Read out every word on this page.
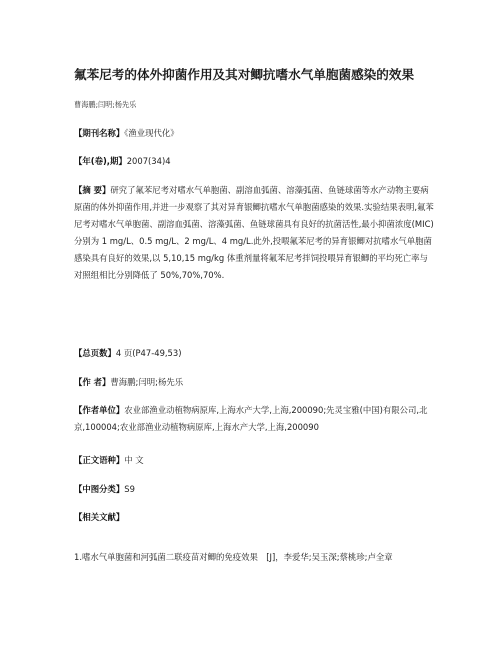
氟苯尼考的体外抑菌作用及其对鲫抗嗜水气单胞菌感染的效果
曹海鹏;闫明;杨先乐
【期刊名称】《渔业现代化》
【年(卷),期】2007(34)4
【摘 要】研究了氟苯尼考对嗜水气单胞菌、副溶血弧菌、溶藻弧菌、鱼链球菌等水产动物主要病原菌的体外抑菌作用,并进一步观察了其对异育银鲫抗嗜水气单胞菌感染的效果.实验结果表明,氟苯尼考对嗜水气单胞菌、副溶血弧菌、溶藻弧菌、鱼链球菌具有良好的抗菌活性,最小抑菌浓度(MIC)分别为 1 mg/L、0.5 mg/L、2 mg/L、4 mg/L.此外,投喂氟苯尼考的异育银鲫对抗嗜水气单胞菌感染具有良好的效果,以 5,10,15 mg/kg 体重剂量将氟苯尼考拌饲投喂异育银鲫的平均死亡率与对照组相比分别降低了 50%,70%,70%.
【总页数】4 页(P47-49,53)
【作 者】曹海鹏;闫明;杨先乐
【作者单位】农业部渔业动植物病原库,上海水产大学,上海,200090;先灵宝雅(中国)有限公司,北京,100004;农业部渔业动植物病原库,上海水产大学,上海,200090
【正文语种】中 文
【中图分类】S9
【相关文献】
1.嗜水气单胞菌和河弧菌二联疫苗对鲫的免疫效果　[J]，李爱华;吴玉深;蔡桃珍;卢全章
